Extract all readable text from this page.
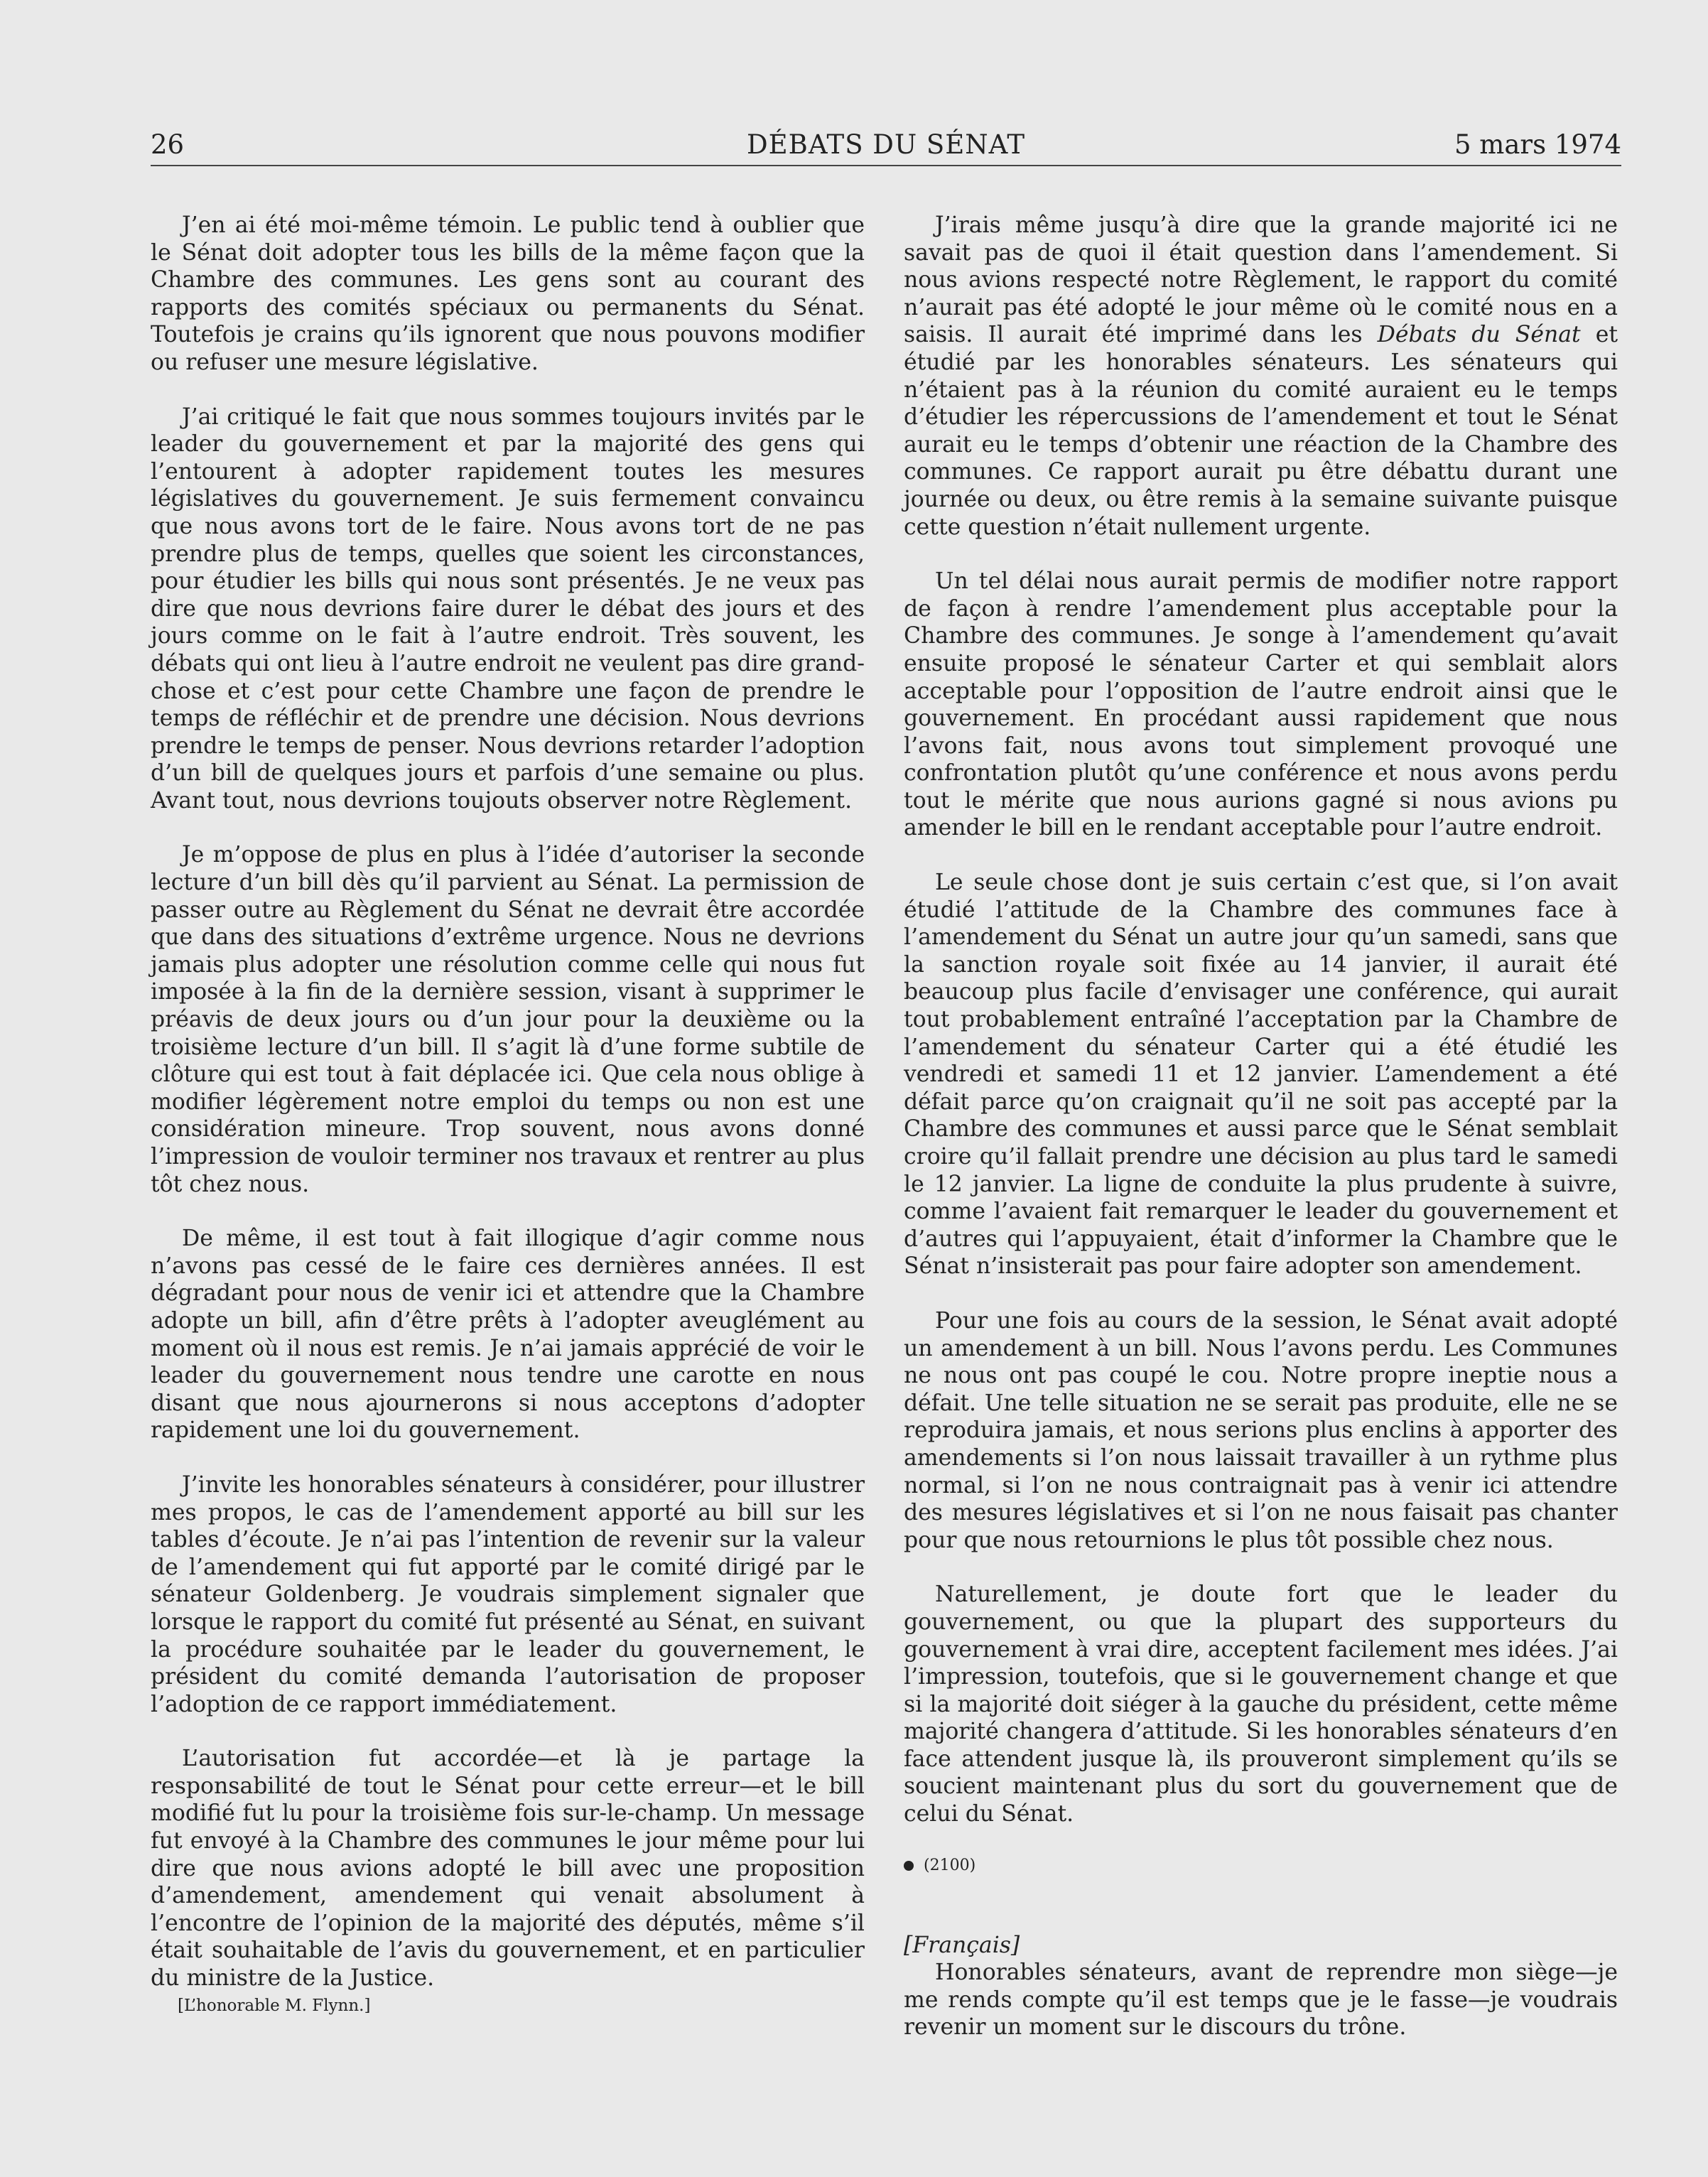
26	DÉBATS DU SÉNAT	5 mars 1974

J’en ai été moi-même témoin. Le public tend à oublier que le Sénat doit adopter tous les bills de la même façon que la Chambre des communes. Les gens sont au courant des rapports des comités spéciaux ou permanents du Sénat. Toutefois je crains qu’ils ignorent que nous pouvons modifier ou refuser une mesure législative.

J’ai critiqué le fait que nous sommes toujours invités par le leader du gouvernement et par la majorité des gens qui l’entourent à adopter rapidement toutes les mesures législatives du gouvernement. Je suis fermement convaincu que nous avons tort de le faire. Nous avons tort de ne pas prendre plus de temps, quelles que soient les circonstances, pour étudier les bills qui nous sont présentés. Je ne veux pas dire que nous devrions faire durer le débat des jours et des jours comme on le fait à l’autre endroit. Très souvent, les débats qui ont lieu à l’autre endroit ne veulent pas dire grand-chose et c’est pour cette Chambre une façon de prendre le temps de réfléchir et de prendre une décision. Nous devrions prendre le temps de penser. Nous devrions retarder l’adoption d’un bill de quelques jours et parfois d’une semaine ou plus. Avant tout, nous devrions toujouts observer notre Règlement.

Je m’oppose de plus en plus à l’idée d’autoriser la seconde lecture d’un bill dès qu’il parvient au Sénat. La permission de passer outre au Règlement du Sénat ne devrait être accordée que dans des situations d’extrême urgence. Nous ne devrions jamais plus adopter une résolution comme celle qui nous fut imposée à la fin de la dernière session, visant à supprimer le préavis de deux jours ou d’un jour pour la deuxième ou la troisième lecture d’un bill. Il s’agit là d’une forme subtile de clôture qui est tout à fait déplacée ici. Que cela nous oblige à modifier légèrement notre emploi du temps ou non est une considération mineure. Trop souvent, nous avons donné l’impression de vouloir terminer nos travaux et rentrer au plus tôt chez nous.

De même, il est tout à fait illogique d’agir comme nous n’avons pas cessé de le faire ces dernières années. Il est dégradant pour nous de venir ici et attendre que la Chambre adopte un bill, afin d’être prêts à l’adopter aveuglément au moment où il nous est remis. Je n’ai jamais apprécié de voir le leader du gouvernement nous tendre une carotte en nous disant que nous ajournerons si nous acceptons d’adopter rapidement une loi du gouvernement.

J’invite les honorables sénateurs à considérer, pour illustrer mes propos, le cas de l’amendement apporté au bill sur les tables d’écoute. Je n’ai pas l’intention de revenir sur la valeur de l’amendement qui fut apporté par le comité dirigé par le sénateur Goldenberg. Je voudrais simplement signaler que lorsque le rapport du comité fut présenté au Sénat, en suivant la procédure souhaitée par le leader du gouvernement, le président du comité demanda l’autorisation de proposer l’adoption de ce rapport immédiatement.

L’autorisation fut accordée—et là je partage la responsabilité de tout le Sénat pour cette erreur—et le bill modifié fut lu pour la troisième fois sur-le-champ. Un message fut envoyé à la Chambre des communes le jour même pour lui dire que nous avions adopté le bill avec une proposition d’amendement, amendement qui venait absolument à l’encontre de l’opinion de la majorité des députés, même s’il était souhaitable de l’avis du gouvernement, et en particulier du ministre de la Justice.

[L’honorable M. Flynn.]

J’irais même jusqu’à dire que la grande majorité ici ne savait pas de quoi il était question dans l’amendement. Si nous avions respecté notre Règlement, le rapport du comité n’aurait pas été adopté le jour même où le comité nous en a saisis. Il aurait été imprimé dans les Débats du Sénat et étudié par les honorables sénateurs. Les sénateurs qui n’étaient pas à la réunion du comité auraient eu le temps d’étudier les répercussions de l’amendement et tout le Sénat aurait eu le temps d’obtenir une réaction de la Chambre des communes. Ce rapport aurait pu être débattu durant une journée ou deux, ou être remis à la semaine suivante puisque cette question n’était nullement urgente.

Un tel délai nous aurait permis de modifier notre rapport de façon à rendre l’amendement plus acceptable pour la Chambre des communes. Je songe à l’amendement qu’avait ensuite proposé le sénateur Carter et qui semblait alors acceptable pour l’opposition de l’autre endroit ainsi que le gouvernement. En procédant aussi rapidement que nous l’avons fait, nous avons tout simplement provoqué une confrontation plutôt qu’une conférence et nous avons perdu tout le mérite que nous aurions gagné si nous avions pu amender le bill en le rendant acceptable pour l’autre endroit.

Le seule chose dont je suis certain c’est que, si l’on avait étudié l’attitude de la Chambre des communes face à l’amendement du Sénat un autre jour qu’un samedi, sans que la sanction royale soit fixée au 14 janvier, il aurait été beaucoup plus facile d’envisager une conférence, qui aurait tout probablement entraîné l’acceptation par la Chambre de l’amendement du sénateur Carter qui a été étudié les vendredi et samedi 11 et 12 janvier. L’amendement a été défait parce qu’on craignait qu’il ne soit pas accepté par la Chambre des communes et aussi parce que le Sénat semblait croire qu’il fallait prendre une décision au plus tard le samedi le 12 janvier. La ligne de conduite la plus prudente à suivre, comme l’avaient fait remarquer le leader du gouvernement et d’autres qui l’appuyaient, était d’informer la Chambre que le Sénat n’insisterait pas pour faire adopter son amendement.

Pour une fois au cours de la session, le Sénat avait adopté un amendement à un bill. Nous l’avons perdu. Les Communes ne nous ont pas coupé le cou. Notre propre ineptie nous a défait. Une telle situation ne se serait pas produite, elle ne se reproduira jamais, et nous serions plus enclins à apporter des amendements si l’on nous laissait travailler à un rythme plus normal, si l’on ne nous contraignait pas à venir ici attendre des mesures législatives et si l’on ne nous faisait pas chanter pour que nous retournions le plus tôt possible chez nous.

Naturellement, je doute fort que le leader du gouvernement, ou que la plupart des supporteurs du gouvernement à vrai dire, acceptent facilement mes idées. J’ai l’impression, toutefois, que si le gouvernement change et que si la majorité doit siéger à la gauche du président, cette même majorité changera d’attitude. Si les honorables sénateurs d’en face attendent jusque là, ils prouveront simplement qu’ils se soucient maintenant plus du sort du gouvernement que de celui du Sénat.

(2100)

[Français]

Honorables sénateurs, avant de reprendre mon siège—je me rends compte qu’il est temps que je le fasse—je voudrais revenir un moment sur le discours du trône.
